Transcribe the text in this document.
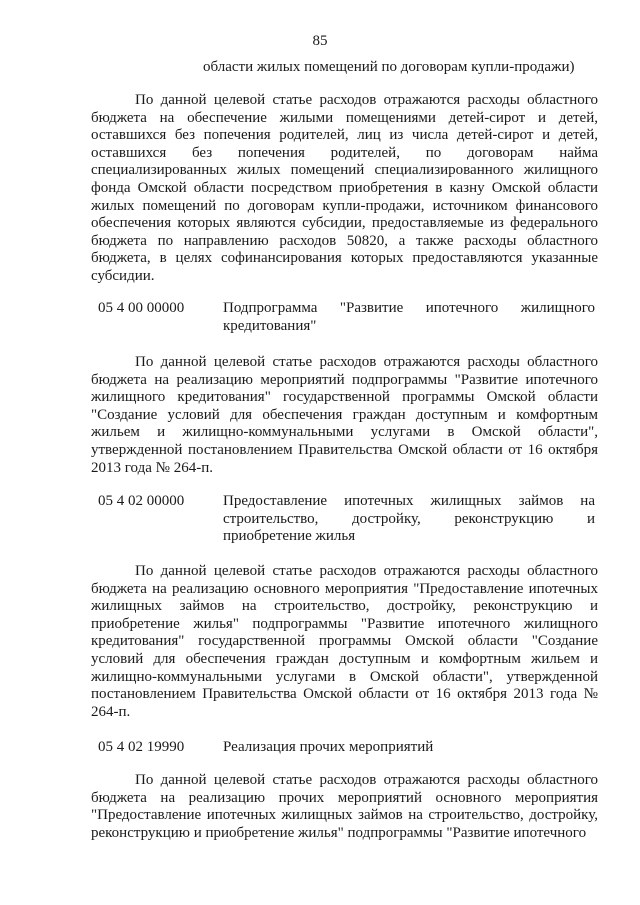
85
области жилых помещений по договорам купли-продажи)

По данной целевой статье расходов отражаются расходы областного бюджета на обеспечение жилыми помещениями детей-сирот и детей, оставшихся без попечения родителей, лиц из числа детей-сирот и детей, оставшихся без попечения родителей, по договорам найма специализированных жилых помещений специализированного жилищного фонда Омской области посредством приобретения в казну Омской области жилых помещений по договорам купли-продажи, источником финансового обеспечения которых являются субсидии, предоставляемые из федерального бюджета по направлению расходов 50820, а также расходы областного бюджета, в целях софинансирования которых предоставляются указанные субсидии.

05 4 00 00000	Подпрограмма "Развитие ипотечного жилищного кредитования"

По данной целевой статье расходов отражаются расходы областного бюджета на реализацию мероприятий подпрограммы "Развитие ипотечного жилищного кредитования" государственной программы Омской области "Создание условий для обеспечения граждан доступным и комфортным жильем и жилищно-коммунальными услугами в Омской области", утвержденной постановлением Правительства Омской области от 16 октября 2013 года № 264-п.

05 4 02 00000	Предоставление ипотечных жилищных займов на строительство, достройку, реконструкцию и приобретение жилья

По данной целевой статье расходов отражаются расходы областного бюджета на реализацию основного мероприятия "Предоставление ипотечных жилищных займов на строительство, достройку, реконструкцию и приобретение жилья" подпрограммы "Развитие ипотечного жилищного кредитования" государственной программы Омской области "Создание условий для обеспечения граждан доступным и комфортным жильем и жилищно-коммунальными услугами в Омской области", утвержденной постановлением Правительства Омской области от 16 октября 2013 года № 264-п.

05 4 02 19990	Реализация прочих мероприятий

По данной целевой статье расходов отражаются расходы областного бюджета на реализацию прочих мероприятий основного мероприятия "Предоставление ипотечных жилищных займов на строительство, достройку, реконструкцию и приобретение жилья" подпрограммы "Развитие ипотечного
